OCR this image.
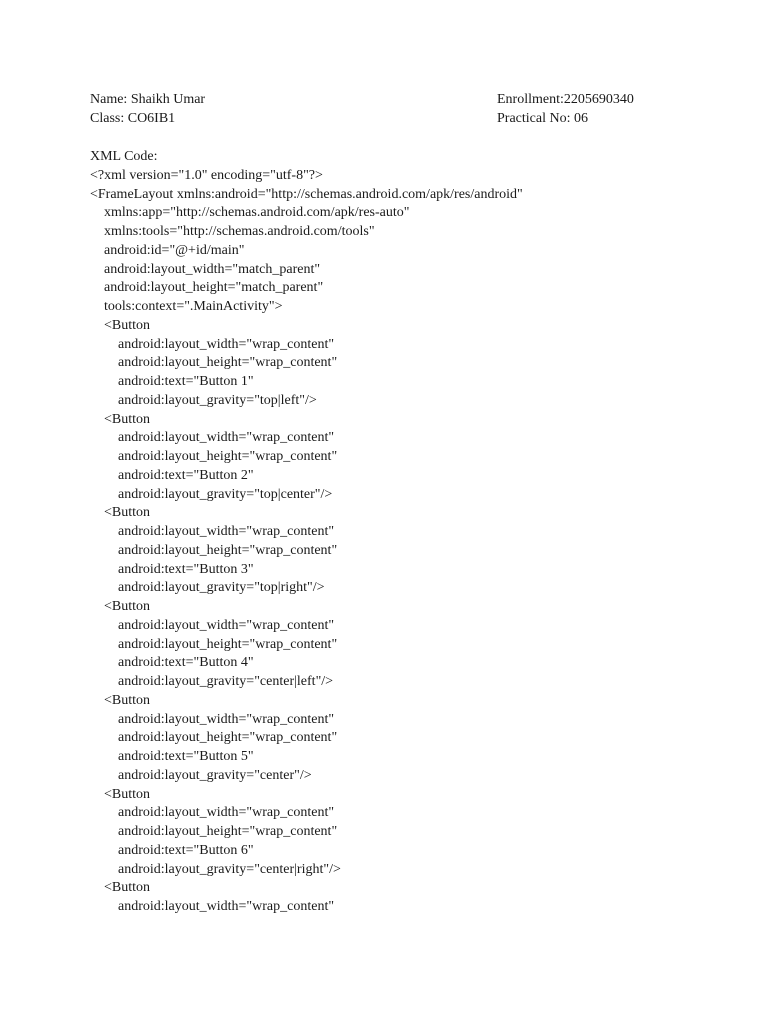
Name: Shaikh Umar
Class: CO6IB1
Enrollment:2205690340
Practical No: 06
XML Code:
<?xml version="1.0" encoding="utf-8"?>
<FrameLayout xmlns:android="http://schemas.android.com/apk/res/android"
xmlns:app="http://schemas.android.com/apk/res-auto"
xmlns:tools="http://schemas.android.com/tools"
android:id="@+id/main"
android:layout_width="match_parent"
android:layout_height="match_parent"
tools:context=".MainActivity">
<Button
android:layout_width="wrap_content"
android:layout_height="wrap_content"
android:text="Button 1"
android:layout_gravity="top|left"/>
<Button
android:layout_width="wrap_content"
android:layout_height="wrap_content"
android:text="Button 2"
android:layout_gravity="top|center"/>
<Button
android:layout_width="wrap_content"
android:layout_height="wrap_content"
android:text="Button 3"
android:layout_gravity="top|right"/>
<Button
android:layout_width="wrap_content"
android:layout_height="wrap_content"
android:text="Button 4"
android:layout_gravity="center|left"/>
<Button
android:layout_width="wrap_content"
android:layout_height="wrap_content"
android:text="Button 5"
android:layout_gravity="center"/>
<Button
android:layout_width="wrap_content"
android:layout_height="wrap_content"
android:text="Button 6"
android:layout_gravity="center|right"/>
<Button
android:layout_width="wrap_content"
